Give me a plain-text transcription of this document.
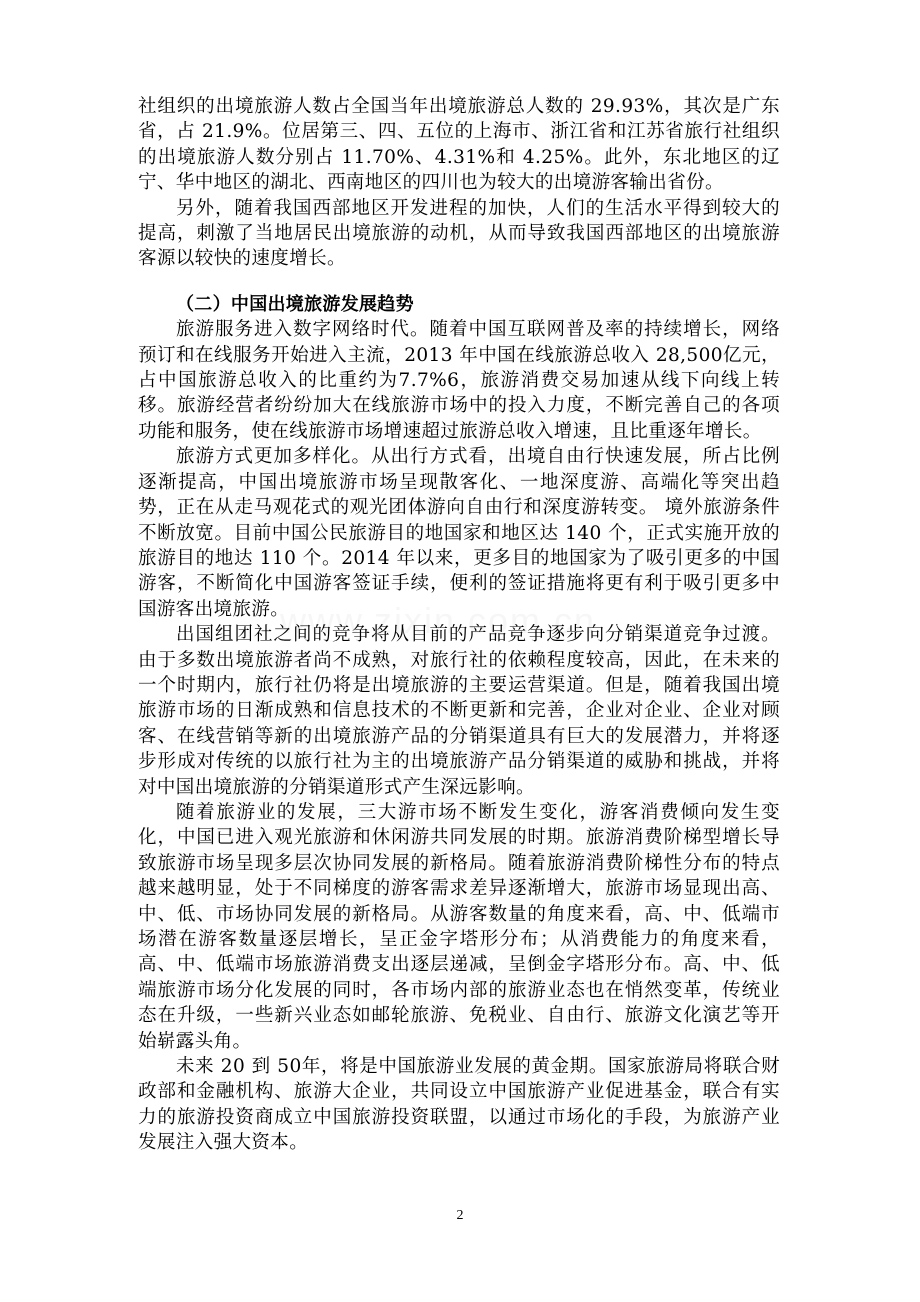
社组织的出境旅游人数占全国当年出境旅游总人数的 29.93%，其次是广东省，占 21.9%。位居第三、四、五位的上海市、浙江省和江苏省旅行社组织的出境旅游人数分别占 11.70%、4.31%和 4.25%。此外，东北地区的辽宁、华中地区的湖北、西南地区的四川也为较大的出境游客输出省份。

另外，随着我国西部地区开发进程的加快，人们的生活水平得到较大的提高，刺激了当地居民出境旅游的动机，从而导致我国西部地区的出境旅游客源以较快的速度增长。

（二）中国出境旅游发展趋势

旅游服务进入数字网络时代。随着中国互联网普及率的持续增长，网络预订和在线服务开始进入主流，2013 年中国在线旅游总收入 28,500亿元，占中国旅游总收入的比重约为7.7%6，旅游消费交易加速从线下向线上转移。旅游经营者纷纷加大在线旅游市场中的投入力度，不断完善自己的各项功能和服务，使在线旅游市场增速超过旅游总收入增速，且比重逐年增长。

旅游方式更加多样化。从出行方式看，出境自由行快速发展，所占比例逐渐提高，中国出境旅游市场呈现散客化、一地深度游、高端化等突出趋势，正在从走马观花式的观光团体游向自由行和深度游转变。 境外旅游条件不断放宽。目前中国公民旅游目的地国家和地区达 140 个，正式实施开放的旅游目的地达 110 个。2014 年以来，更多目的地国家为了吸引更多的中国游客，不断简化中国游客签证手续，便利的签证措施将更有利于吸引更多中国游客出境旅游。

出国组团社之间的竞争将从目前的产品竞争逐步向分销渠道竞争过渡。由于多数出境旅游者尚不成熟，对旅行社的依赖程度较高，因此，在未来的一个时期内，旅行社仍将是出境旅游的主要运营渠道。但是，随着我国出境旅游市场的日渐成熟和信息技术的不断更新和完善，企业对企业、企业对顾客、在线营销等新的出境旅游产品的分销渠道具有巨大的发展潜力，并将逐步形成对传统的以旅行社为主的出境旅游产品分销渠道的威胁和挑战，并将对中国出境旅游的分销渠道形式产生深远影响。

随着旅游业的发展，三大游市场不断发生变化，游客消费倾向发生变化，中国已进入观光旅游和休闲游共同发展的时期。旅游消费阶梯型增长导致旅游市场呈现多层次协同发展的新格局。随着旅游消费阶梯性分布的特点越来越明显，处于不同梯度的游客需求差异逐渐增大，旅游市场显现出高、中、低、市场协同发展的新格局。从游客数量的角度来看，高、中、低端市场潜在游客数量逐层增长，呈正金字塔形分布；从消费能力的角度来看，高、中、低端市场旅游消费支出逐层递减，呈倒金字塔形分布。高、中、低端旅游市场分化发展的同时，各市场内部的旅游业态也在悄然变革，传统业态在升级，一些新兴业态如邮轮旅游、免税业、自由行、旅游文化演艺等开始崭露头角。

未来 20 到 50年，将是中国旅游业发展的黄金期。国家旅游局将联合财政部和金融机构、旅游大企业，共同设立中国旅游产业促进基金，联合有实力的旅游投资商成立中国旅游投资联盟，以通过市场化的手段，为旅游产业发展注入强大资本。

2
